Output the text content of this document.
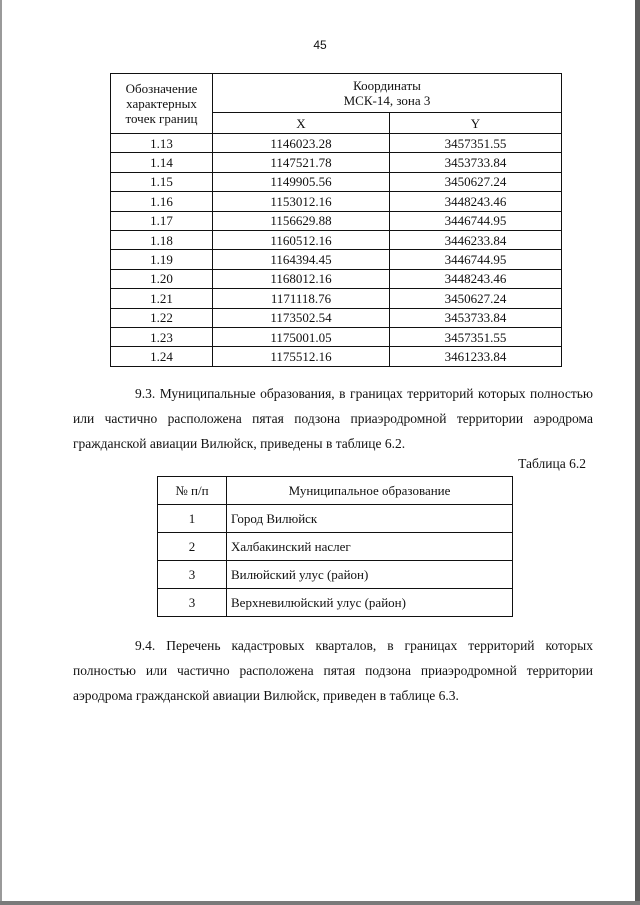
45
Обозначение
характерных
точек границ	Координаты
МСК-14, зона 3	

	X	Y
1.13	1146023.28	3457351.55
1.14	1147521.78	3453733.84
1.15	1149905.56	3450627.24
1.16	1153012.16	3448243.46
1.17	1156629.88	3446744.95
1.18	1160512.16	3446233.84
1.19	1164394.45	3446744.95
1.20	1168012.16	3448243.46
1.21	1171118.76	3450627.24
1.22	1173502.54	3453733.84
1.23	1175001.05	3457351.55
1.24	1175512.16	3461233.84
9.3. Муниципальные образования, в границах территорий которых полностью
или частично расположена пятая подзона приаэродромной территории аэродрома
гражданской авиации Вилюйск, приведены в таблице 6.2.
Таблица 6.2
№ п/п	Муниципальное образование
1	Город Вилюйск
2	Халбакинский наслег
3	Вилюйский улус (район)
3	Верхневилюйский улус (район)
9.4. Перечень кадастровых кварталов, в границах территорий которых
полностью или частично расположена пятая подзона приаэродромной территории
аэродрома гражданской авиации Вилюйск, приведен в таблице 6.3.
